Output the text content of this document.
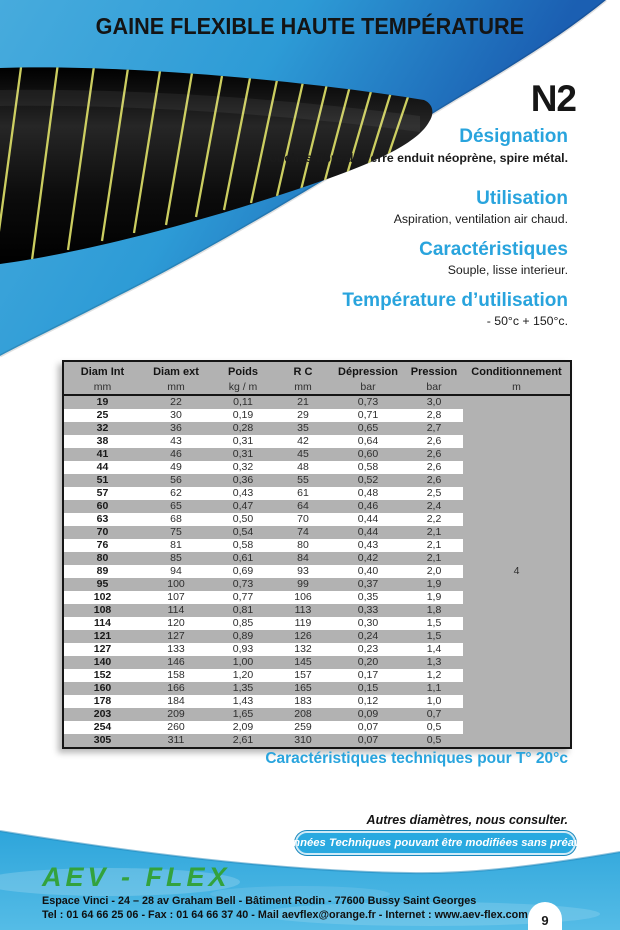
GAINE FLEXIBLE HAUTE TEMPÉRATURE
N2
Désignation
2 couches fibre de verre enduit néoprène, spire métal.
Utilisation
Aspiration, ventilation air chaud.
Caractéristiques
Souple, lisse interieur.
Température d’utilisation
- 50°c + 150°c.
Diam Int	Diam ext	Poids	R C	Dépression	Pression	Conditionnement
mm	mm	kg / m	mm	bar	bar	m
19	22	0,11	21	0,73	3,0	
25	30	0,19	29	0,71	2,8	
32	36	0,28	35	0,65	2,7	
38	43	0,31	42	0,64	2,6	
41	46	0,31	45	0,60	2,6	
44	49	0,32	48	0,58	2,6	
51	56	0,36	55	0,52	2,6	
57	62	0,43	61	0,48	2,5	
60	65	0,47	64	0,46	2,4	
63	68	0,50	70	0,44	2,2	
70	75	0,54	74	0,44	2,1	
76	81	0,58	80	0,43	2,1	
80	85	0,61	84	0,42	2,1	
89	94	0,69	93	0,40	2,0	4
95	100	0,73	99	0,37	1,9	
102	107	0,77	106	0,35	1,9	
108	114	0,81	113	0,33	1,8	
114	120	0,85	119	0,30	1,5	
121	127	0,89	126	0,24	1,5	
127	133	0,93	132	0,23	1,4	
140	146	1,00	145	0,20	1,3	
152	158	1,20	157	0,17	1,2	
160	166	1,35	165	0,15	1,1	
178	184	1,43	183	0,12	1,0	
203	209	1,65	208	0,09	0,7	
254	260	2,09	259	0,07	0,5	
305	311	2,61	310	0,07	0,5	
Caractéristiques techniques pour T° 20°c
Autres diamètres, nous consulter.
Données Techniques pouvant être modifiées sans préavis.
AEV - FLEX
Espace Vinci - 24 – 28 av Graham Bell - Bâtiment Rodin - 77600 Bussy Saint Georges
Tel : 01 64 66 25 06 - Fax : 01 64 66 37 40 - Mail aevflex@orange.fr - Internet : www.aev-flex.com 9
